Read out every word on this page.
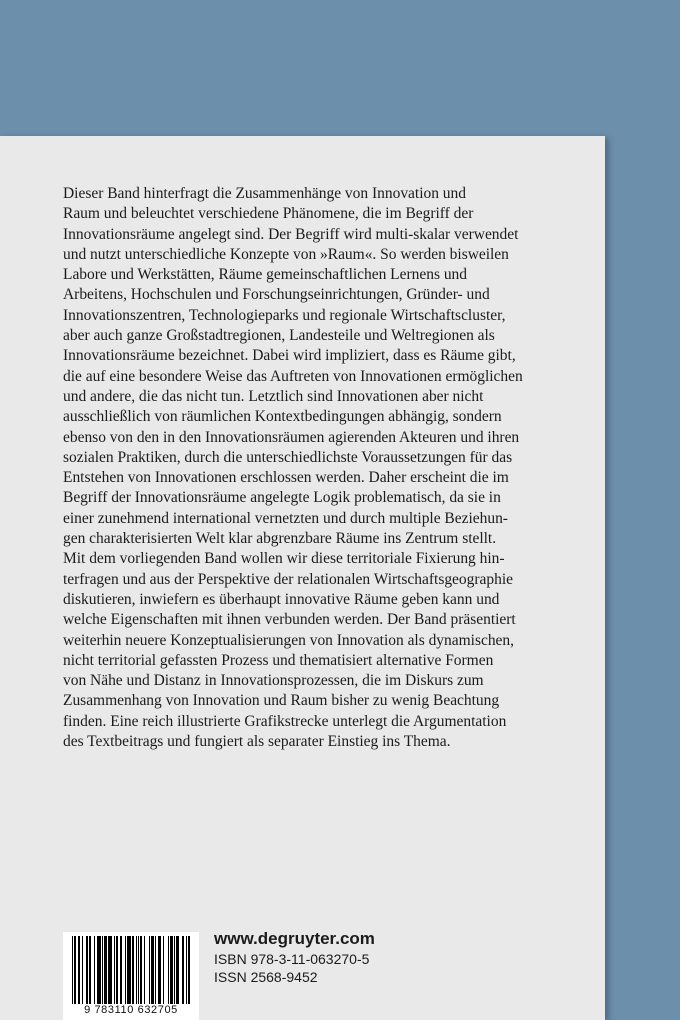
Dieser Band hinterfragt die Zusammenhänge von Innovation und
Raum und beleuchtet verschiedene Phänomene, die im Begriff der
Innovationsräume angelegt sind. Der Begriff wird multi-skalar verwendet
und nutzt unterschiedliche Konzepte von »Raum«. So werden bisweilen
Labore und Werkstätten, Räume gemeinschaftlichen Lernens und
Arbeitens, Hochschulen und Forschungseinrichtungen, Gründer- und
Innovationszentren, Technologieparks und regionale Wirtschaftscluster,
aber auch ganze Großstadtregionen, Landesteile und Weltregionen als
Innovationsräume bezeichnet. Dabei wird impliziert, dass es Räume gibt,
die auf eine besondere Weise das Auftreten von Innovationen ermöglichen
und andere, die das nicht tun. Letztlich sind Innovationen aber nicht
ausschließlich von räumlichen Kontextbedingungen abhängig, sondern
ebenso von den in den Innovationsräumen agierenden Akteuren und ihren
sozialen Praktiken, durch die unterschiedlichste Voraussetzungen für das
Entstehen von Innovationen erschlossen werden. Daher erscheint die im
Begriff der Innovationsräume angelegte Logik problematisch, da sie in
einer zunehmend international vernetzten und durch multiple Beziehun-
gen charakterisierten Welt klar abgrenzbare Räume ins Zentrum stellt.
Mit dem vorliegenden Band wollen wir diese territoriale Fixierung hin-
terfragen und aus der Perspektive der relationalen Wirtschaftsgeographie
diskutieren, inwiefern es überhaupt innovative Räume geben kann und
welche Eigenschaften mit ihnen verbunden werden. Der Band präsentiert
weiterhin neuere Konzeptualisierungen von Innovation als dynamischen,
nicht territorial gefassten Prozess und thematisiert alternative Formen
von Nähe und Distanz in Innovationsprozessen, die im Diskurs zum
Zusammenhang von Innovation und Raum bisher zu wenig Beachtung
finden. Eine reich illustrierte Grafikstrecke unterlegt die Argumentation
des Textbeitrags und fungiert als separater Einstieg ins Thema.

9 783110 632705
www.degruyter.com
ISBN 978-3-11-063270-5
ISSN 2568-9452
